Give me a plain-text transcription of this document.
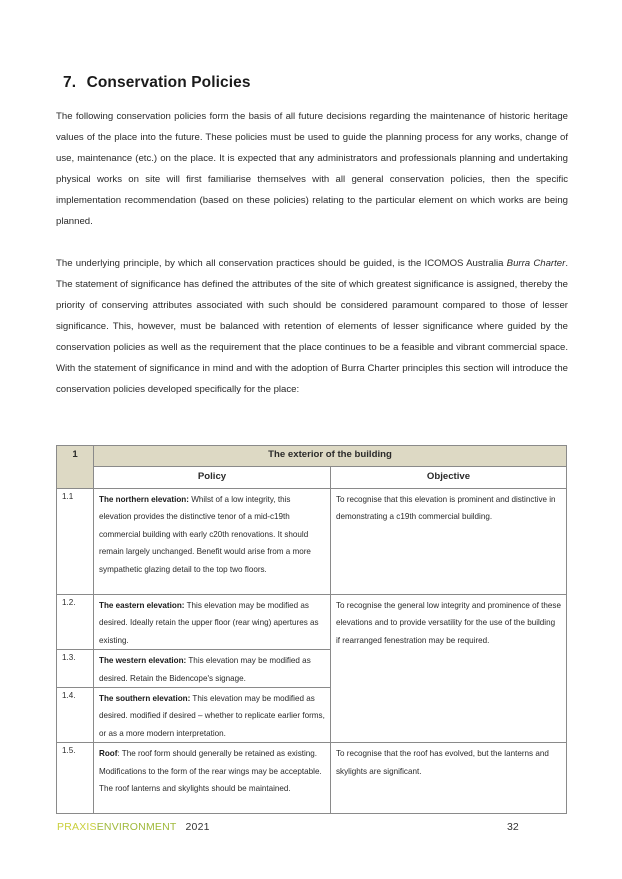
7. Conservation Policies

The following conservation policies form the basis of all future decisions regarding the maintenance of historic heritage values of the place into the future. These policies must be used to guide the planning process for any works, change of use, maintenance (etc.) on the place. It is expected that any administrators and professionals planning and undertaking physical works on site will first familiarise themselves with all general conservation policies, then the specific implementation recommendation (based on these policies) relating to the particular element on which works are being planned.

The underlying principle, by which all conservation practices should be guided, is the ICOMOS Australia Burra Charter. The statement of significance has defined the attributes of the site of which greatest significance is assigned, thereby the priority of conserving attributes associated with such should be considered paramount compared to those of lesser significance. This, however, must be balanced with retention of elements of lesser significance where guided by the conservation policies as well as the requirement that the place continues to be a feasible and vibrant commercial space. With the statement of significance in mind and with the adoption of Burra Charter principles this section will introduce the conservation policies developed specifically for the place:

1	The exterior of the building	
	Policy	Objective
1.1	The northern elevation: Whilst of a low integrity, this elevation provides the distinctive tenor of a mid-c19th commercial building with early c20th renovations. It should remain largely unchanged. Benefit would arise from a more sympathetic glazing detail to the top two floors.	To recognise that this elevation is prominent and distinctive in demonstrating a c19th commercial building.
1.2.	The eastern elevation: This elevation may be modified as desired. Ideally retain the upper floor (rear wing) apertures as existing.	To recognise the general low integrity and prominence of these elevations and to provide versatility for the use of the building if rearranged fenestration may be required.
1.3.	The western elevation: This elevation may be modified as desired. Retain the Bidencope's signage.	
1.4.	The southern elevation: This elevation may be modified as desired. modified if desired – whether to replicate earlier forms, or as a more modern interpretation.	
1.5.	Roof: The roof form should generally be retained as existing. Modifications to the form of the rear wings may be acceptable. The roof lanterns and skylights should be maintained.	To recognise that the roof has evolved, but the lanterns and skylights are significant.
PRAXISENVIRONMENT 2021	32
